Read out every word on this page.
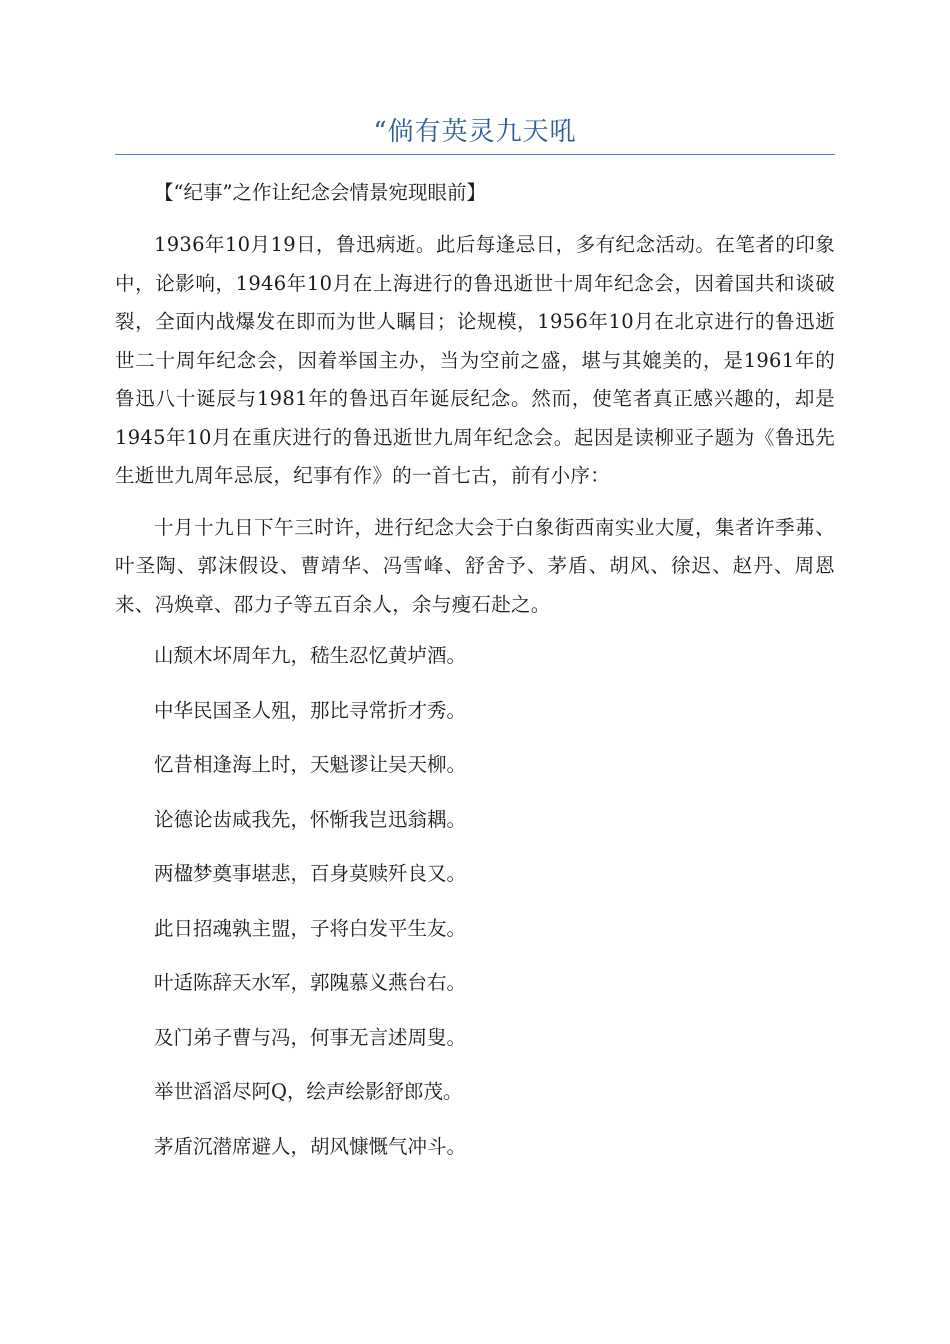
“倘有英灵九天吼
【“纪事”之作让纪念会情景宛现眼前】

1936年10月19日，鲁迅病逝。此后每逢忌日，多有纪念活动。在笔者的印象中，论影响，1946年10月在上海进行的鲁迅逝世十周年纪念会，因着国共和谈破裂，全面内战爆发在即而为世人瞩目；论规模，1956年10月在北京进行的鲁迅逝世二十周年纪念会，因着举国主办，当为空前之盛，堪与其媲美的，是1961年的鲁迅八十诞辰与1981年的鲁迅百年诞辰纪念。然而，使笔者真正感兴趣的，却是1945年10月在重庆进行的鲁迅逝世九周年纪念会。起因是读柳亚子题为《鲁迅先生逝世九周年忌辰，纪事有作》的一首七古，前有小序：

十月十九日下午三时许，进行纪念大会于白象街西南实业大厦，集者许季茀、叶圣陶、郭沫假设、曹靖华、冯雪峰、舒舍予、茅盾、胡风、徐迟、赵丹、周恩来、冯焕章、邵力子等五百余人，余与瘦石赴之。

山颓木坏周年九，嵇生忍忆黄垆酒。
中华民国圣人殂，那比寻常折才秀。
忆昔相逢海上时，天魁谬让吴天柳。
论德论齿咸我先，怀惭我岂迅翁耦。
两楹梦奠事堪悲，百身莫赎歼良又。
此日招魂孰主盟，子将白发平生友。
叶适陈辞天水军，郭隗慕义燕台右。
及门弟子曹与冯，何事无言述周叟。
举世滔滔尽阿Q，绘声绘影舒郎茂。
茅盾沉潜席避人，胡风慷慨气冲斗。
